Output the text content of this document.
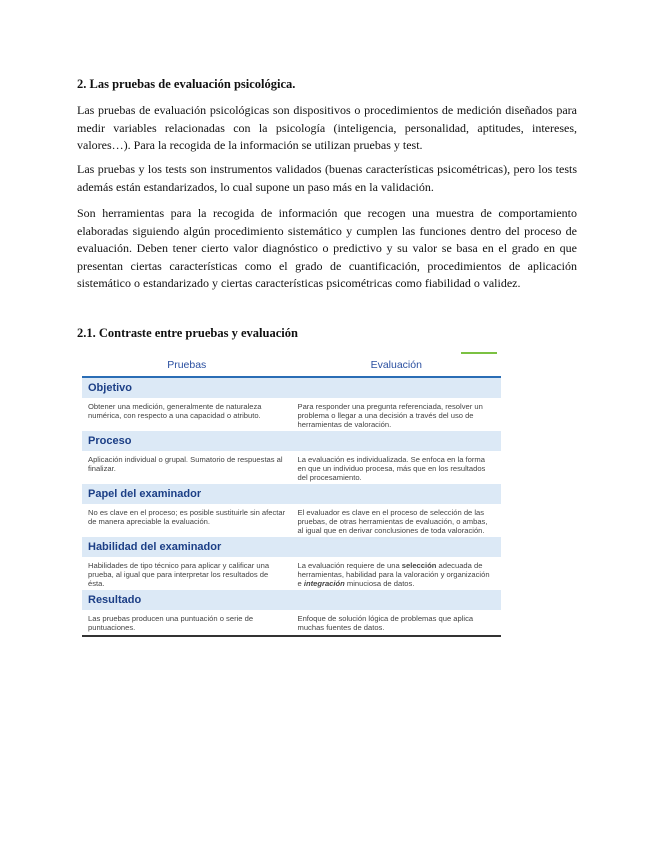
2. Las pruebas de evaluación psicológica.

Las pruebas de evaluación psicológicas son dispositivos o procedimientos de medición diseñados para medir variables relacionadas con la psicología (inteligencia, personalidad, aptitudes, intereses, valores…). Para la recogida de la información se utilizan pruebas y test.

Las pruebas y los tests son instrumentos validados (buenas características psicométricas), pero los tests además están estandarizados, lo cual supone un paso más en la validación.

Son herramientas para la recogida de información que recogen una muestra de comportamiento elaboradas siguiendo algún procedimiento sistemático y cumplen las funciones dentro del proceso de evaluación. Deben tener cierto valor diagnóstico o predictivo y su valor se basa en el grado en que presentan ciertas características como el grado de cuantificación, procedimientos de aplicación sistemático o estandarizado y ciertas características psicométricas como fiabilidad o validez.

2.1. Contraste entre pruebas y evaluación
Pruebas	Evaluación
Objetivo	
Obtener una medición, generalmente de naturaleza numérica, con respecto a una capacidad o atributo.	Para responder una pregunta referenciada, resolver un problema o llegar a una decisión a través del uso de herramientas de valoración.
Proceso	
Aplicación individual o grupal. Sumatorio de respuestas al finalizar.	La evaluación es individualizada. Se enfoca en la forma en que un individuo procesa, más que en los resultados del procesamiento.
Papel del examinador	
No es clave en el proceso; es posible sustituirle sin afectar de manera apreciable la evaluación.	El evaluador es clave en el proceso de selección de las pruebas, de otras herramientas de evaluación, o ambas, al igual que en derivar conclusiones de toda valoración.
Habilidad del examinador	
Habilidades de tipo técnico para aplicar y calificar una prueba, al igual que para interpretar los resultados de ésta.	La evaluación requiere de una selección adecuada de herramientas, habilidad para la valoración y organización e integración minuciosa de datos.
Resultado	
Las pruebas producen una puntuación o serie de puntuaciones.	Enfoque de solución lógica de problemas que aplica muchas fuentes de datos.
